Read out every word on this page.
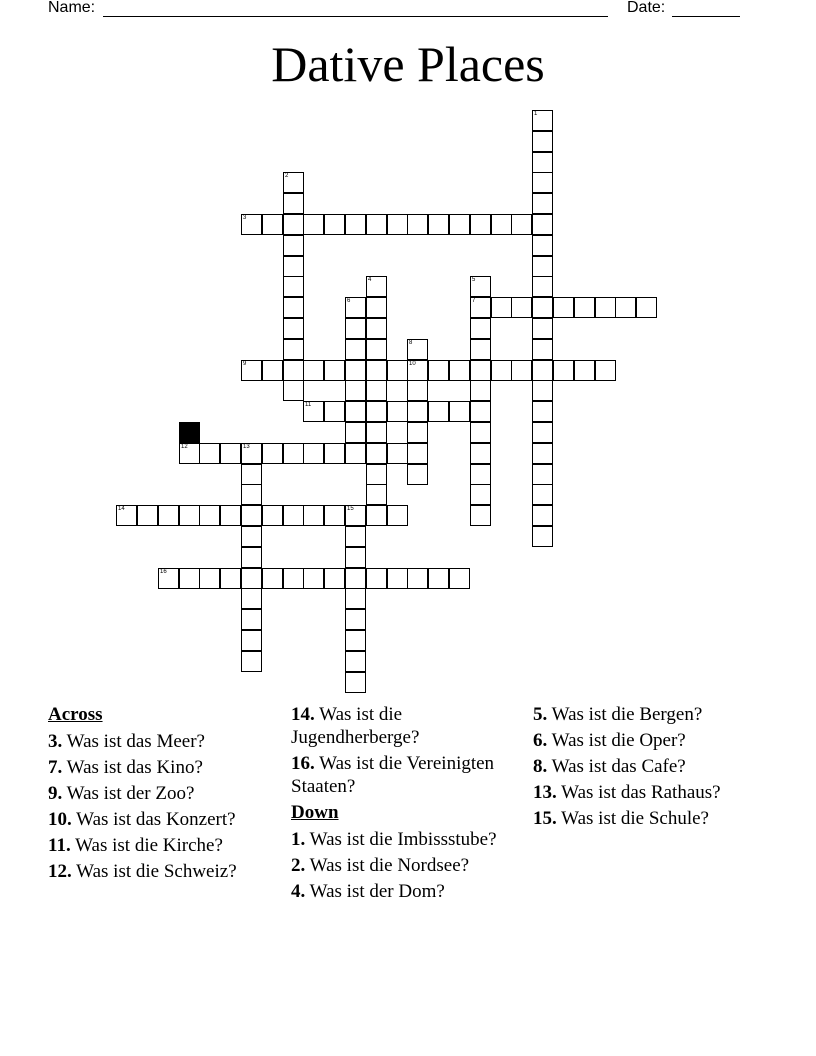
Name:	Date:
Dative Places
1
2
3
4	5
7
6
8
10
9
11
12	13
14	15
16
Across
3. Was ist das Meer?
7. Was ist das Kino?
9. Was ist der Zoo?
10. Was ist das Konzert?
11. Was ist die Kirche?
12. Was ist die Schweiz?
14. Was ist die Jugendherberge?
16. Was ist die Vereinigten Staaten?
Down
1. Was ist die Imbissstube?
2. Was ist die Nordsee?
4. Was ist der Dom?
5. Was ist die Bergen?
6. Was ist die Oper?
8. Was ist das Cafe?
13. Was ist das Rathaus?
15. Was ist die Schule?
